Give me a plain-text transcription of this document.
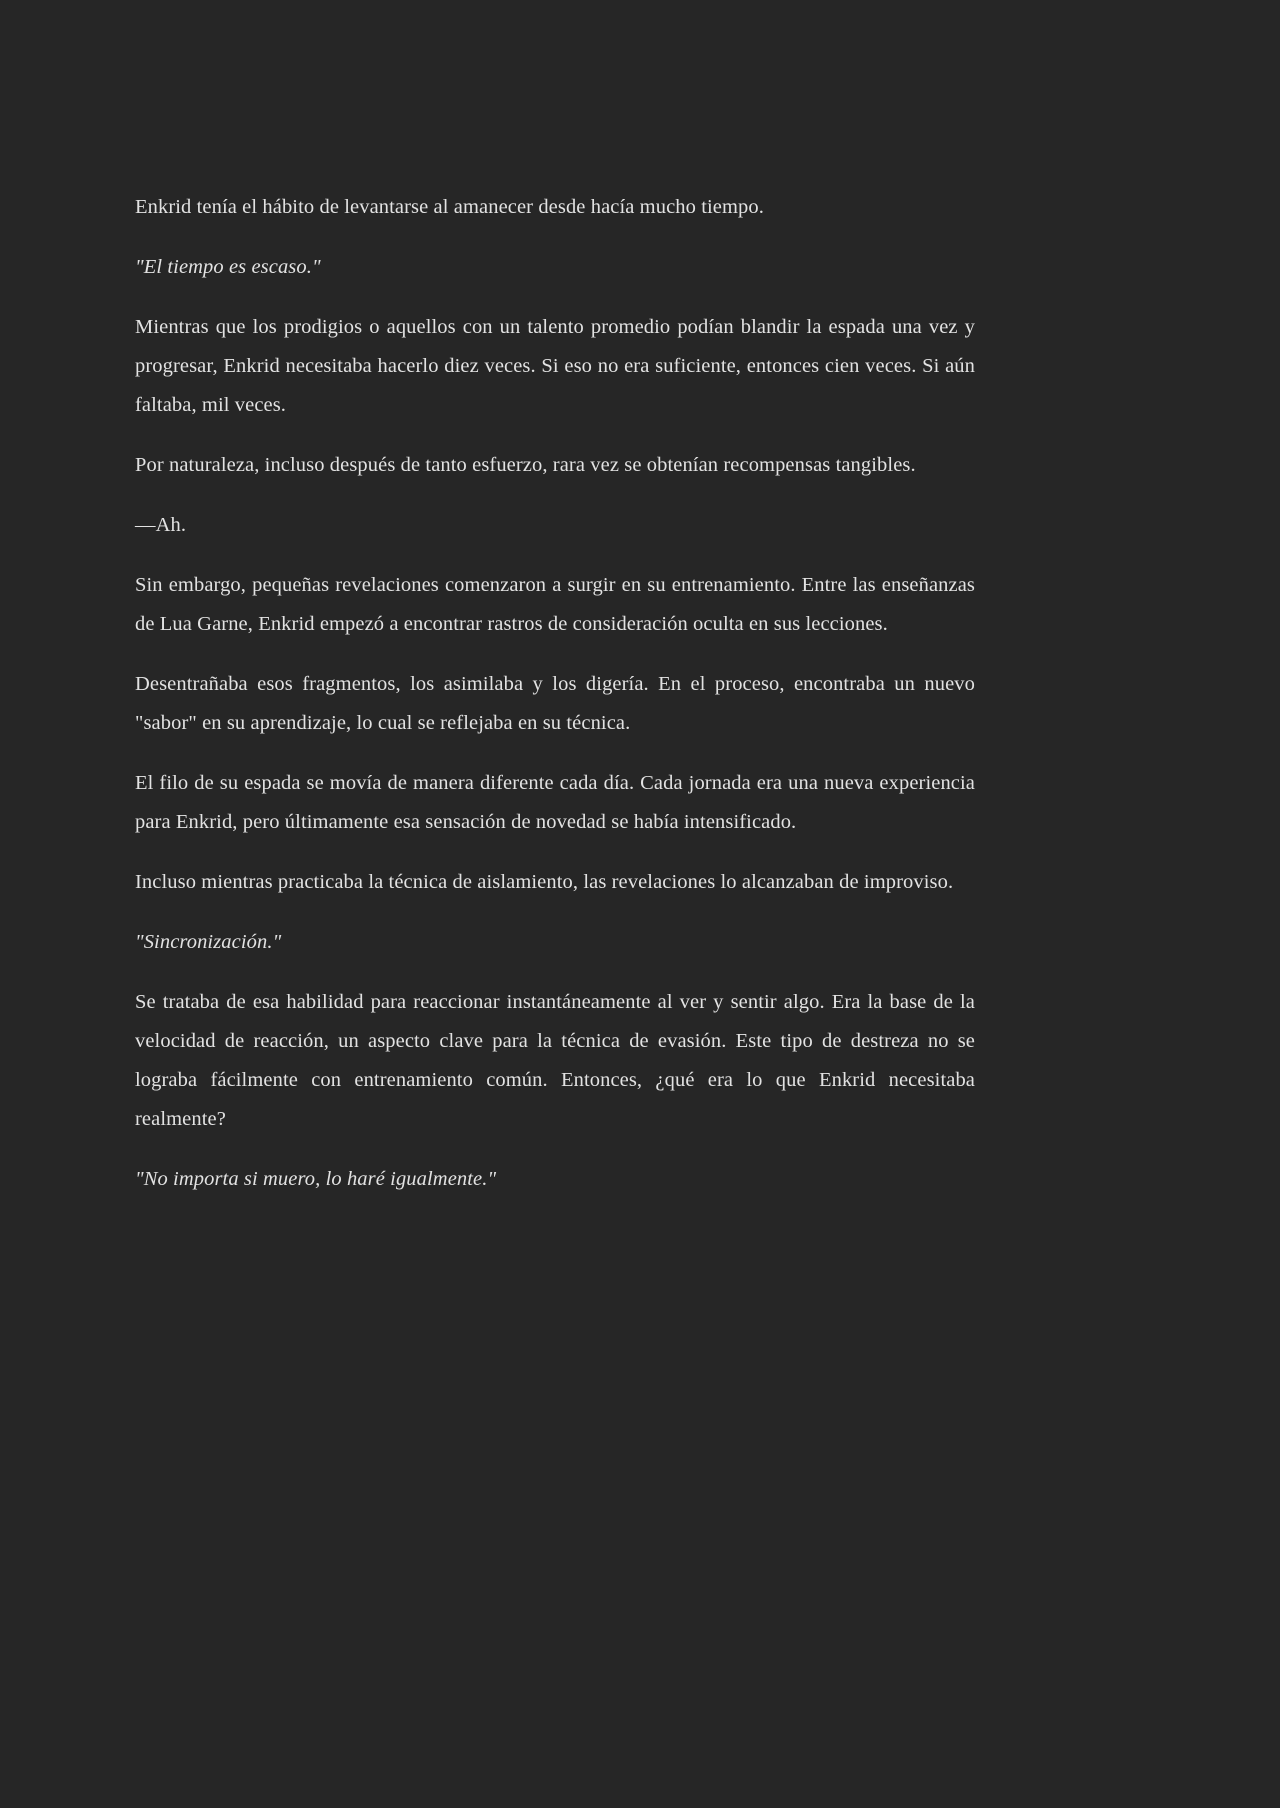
Enkrid tenía el hábito de levantarse al amanecer desde hacía mucho tiempo.

"El tiempo es escaso."

Mientras que los prodigios o aquellos con un talento promedio podían blandir la espada una vez y progresar, Enkrid necesitaba hacerlo diez veces. Si eso no era suficiente, entonces cien veces. Si aún faltaba, mil veces.

Por naturaleza, incluso después de tanto esfuerzo, rara vez se obtenían recompensas tangibles.

—Ah.

Sin embargo, pequeñas revelaciones comenzaron a surgir en su entrenamiento. Entre las enseñanzas de Lua Garne, Enkrid empezó a encontrar rastros de consideración oculta en sus lecciones.

Desentrañaba esos fragmentos, los asimilaba y los digería. En el proceso, encontraba un nuevo "sabor" en su aprendizaje, lo cual se reflejaba en su técnica.

El filo de su espada se movía de manera diferente cada día. Cada jornada era una nueva experiencia para Enkrid, pero últimamente esa sensación de novedad se había intensificado.

Incluso mientras practicaba la técnica de aislamiento, las revelaciones lo alcanzaban de improviso.

"Sincronización."

Se trataba de esa habilidad para reaccionar instantáneamente al ver y sentir algo. Era la base de la velocidad de reacción, un aspecto clave para la técnica de evasión. Este tipo de destreza no se lograba fácilmente con entrenamiento común. Entonces, ¿qué era lo que Enkrid necesitaba realmente?

"No importa si muero, lo haré igualmente."
